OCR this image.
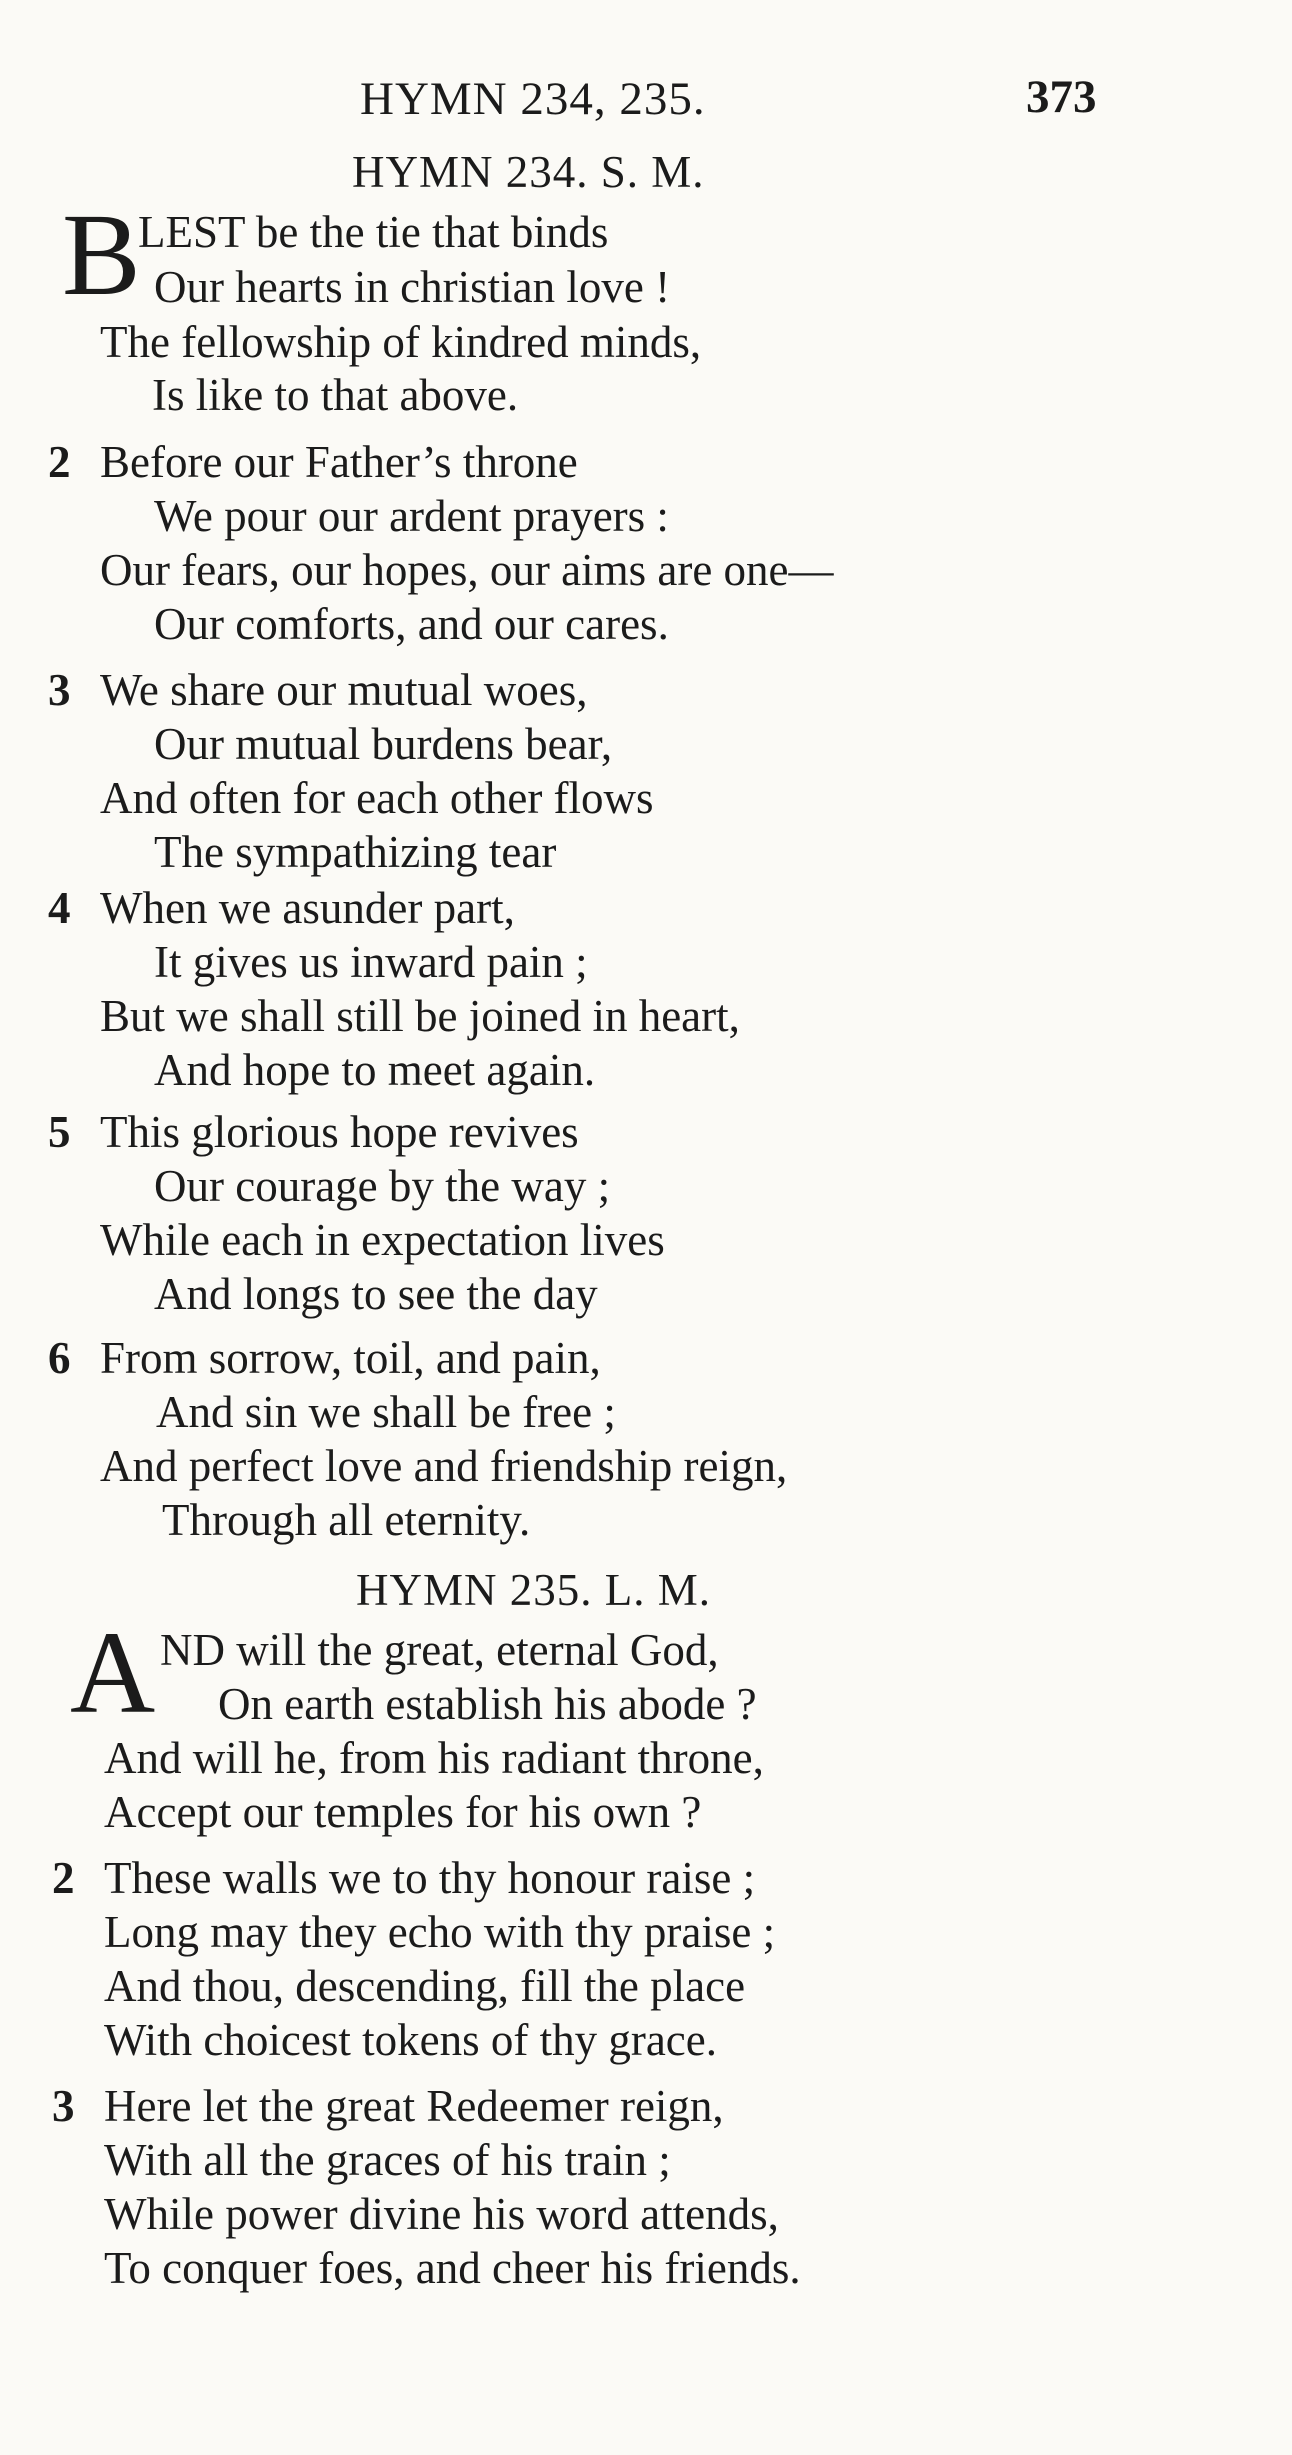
HYMN 234, 235.	373
HYMN 234. S. M.
B
LEST be the tie that binds
Our hearts in christian love !
The fellowship of kindred minds,
Is like to that above.
2 Before our Father’s throne
We pour our ardent prayers :
Our fears, our hopes, our aims are one—
Our comforts, and our cares.
3 We share our mutual woes,
Our mutual burdens bear,
And often for each other flows
The sympathizing tear
4 When we asunder part,
It gives us inward pain ;
But we shall still be joined in heart,
And hope to meet again.
5 This glorious hope revives
Our courage by the way ;
While each in expectation lives
And longs to see the day
6 From sorrow, toil, and pain,
And sin we shall be free ;
And perfect love and friendship reign,
Through all eternity.
HYMN 235. L. M.
A ND will the great, eternal God,
On earth establish his abode ?
And will he, from his radiant throne,
Accept our temples for his own ?
2 These walls we to thy honour raise ;
Long may they echo with thy praise ;
And thou, descending, fill the place
With choicest tokens of thy grace.
3 Here let the great Redeemer reign,
With all the graces of his train ;
While power divine his word attends,
To conquer foes, and cheer his friends.
